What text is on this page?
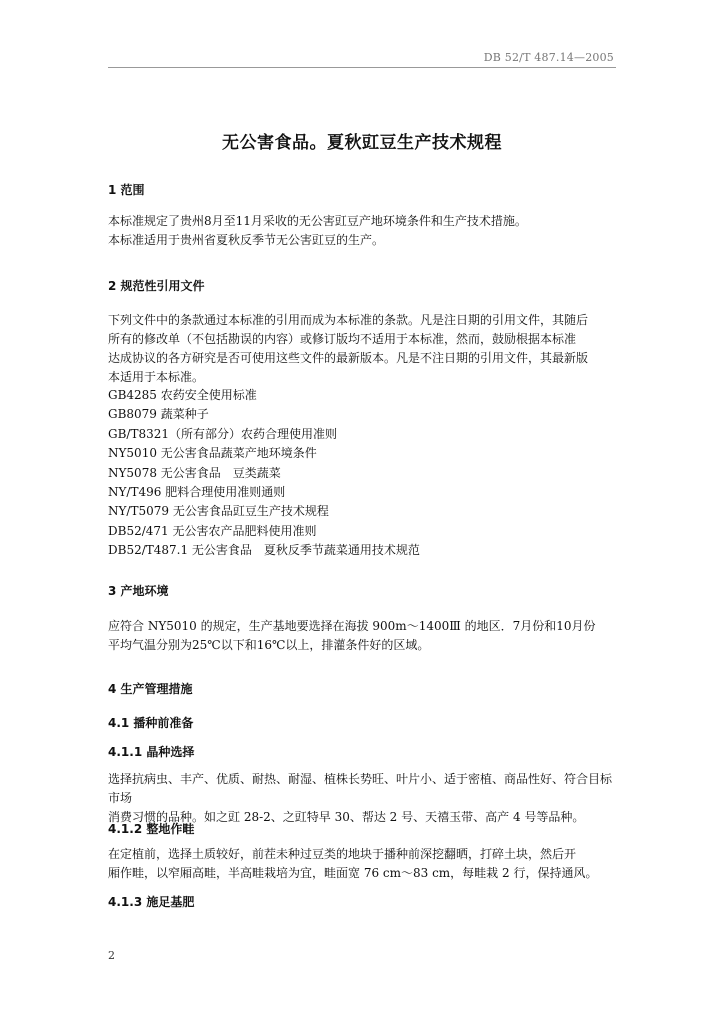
DB 52/T 487.14—2005
无公害食品。夏秋豇豆生产技术规程
1 范围
本标准规定了贵州8月至11月采收的无公害豇豆产地环境条件和生产技术措施。
本标准适用于贵州省夏秋反季节无公害豇豆的生产。
2 规范性引用文件
下列文件中的条款通过本标准的引用而成为本标准的条款。凡是注日期的引用文件，其随后
所有的修改单（不包括勘误的内容）或修订版均不适用于本标准，然而，鼓励根据本标准
达成协议的各方研究是否可使用这些文件的最新版本。凡是不注日期的引用文件，其最新版
本适用于本标准。
GB4285 农药安全使用标准
GB8079 蔬菜种子
GB/T8321（所有部分）农药合理使用准则
NY5010 无公害食品蔬菜产地环境条件
NY5078 无公害食品　豆类蔬菜
NY/T496 肥料合理使用准则通则
NY/T5079 无公害食品豇豆生产技术规程
DB52/471 无公害农产品肥料使用准则
DB52/T487.1 无公害食品　夏秋反季节蔬菜通用技术规范
3 产地环境
应符合 NY5010 的规定，生产基地要选择在海拔 900m～1400Ⅲ 的地区．7月份和10月份
平均气温分别为25℃以下和16℃以上，排灌条件好的区域。
4 生产管理措施
4.1 播种前准备
4.1.1 晶种选择
选择抗病虫、丰产、优质、耐热、耐湿、植株长势旺、叶片小、适于密植、商品性好、符合目标市场
消费习惯的品种。如之豇 28-2、之豇特早 30、帮达 2 号、天禧玉带、高产 4 号等品种。
4.1.2 整地作畦
在定植前，选择土质较好，前茬未种过豆类的地块于播种前深挖翻晒，打碎土块，然后开
厢作畦，以窄厢高畦，半高畦栽培为宜，畦面宽 76 cm～83 cm，每畦栽 2 行，保持通风。
4.1.3 施足基肥
2
